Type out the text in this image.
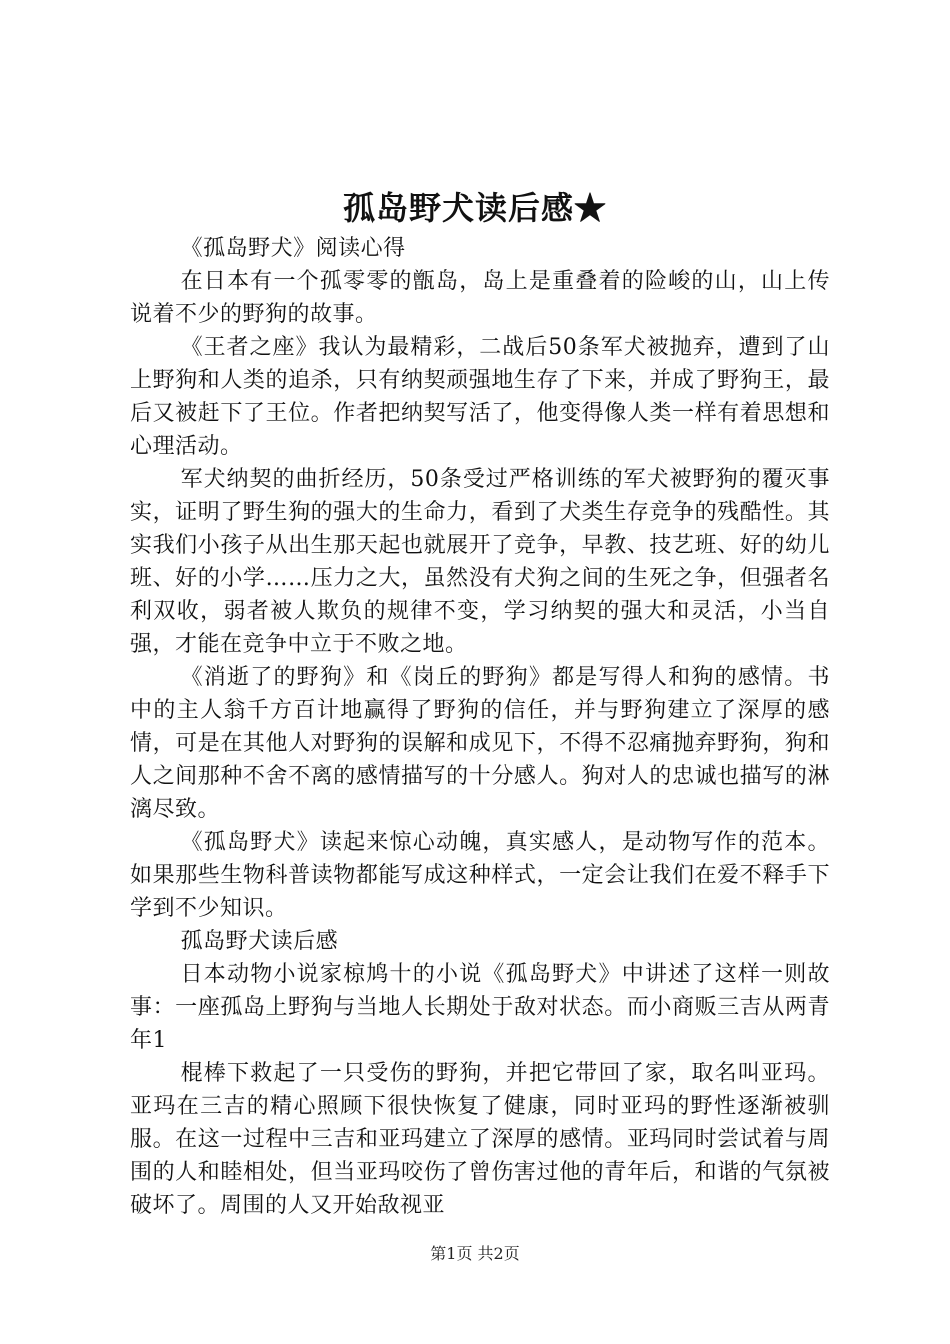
孤岛野犬读后感★

《孤岛野犬》阅读心得

在日本有一个孤零零的甑岛，岛上是重叠着的险峻的山，山上传说着不少的野狗的故事。

《王者之座》我认为最精彩，二战后50条军犬被抛弃，遭到了山上野狗和人类的追杀，只有纳契顽强地生存了下来，并成了野狗王，最后又被赶下了王位。作者把纳契写活了，他变得像人类一样有着思想和心理活动。

军犬纳契的曲折经历，50条受过严格训练的军犬被野狗的覆灭事实，证明了野生狗的强大的生命力，看到了犬类生存竞争的残酷性。其实我们小孩子从出生那天起也就展开了竞争，早教、技艺班、好的幼儿班、好的小学……压力之大，虽然没有犬狗之间的生死之争，但强者名利双收，弱者被人欺负的规律不变，学习纳契的强大和灵活，小当自强，才能在竞争中立于不败之地。

《消逝了的野狗》和《岗丘的野狗》都是写得人和狗的感情。书中的主人翁千方百计地赢得了野狗的信任，并与野狗建立了深厚的感情，可是在其他人对野狗的误解和成见下，不得不忍痛抛弃野狗，狗和人之间那种不舍不离的感情描写的十分感人。狗对人的忠诚也描写的淋漓尽致。

《孤岛野犬》读起来惊心动魄，真实感人，是动物写作的范本。如果那些生物科普读物都能写成这种样式，一定会让我们在爱不释手下学到不少知识。

孤岛野犬读后感

日本动物小说家椋鸠十的小说《孤岛野犬》中讲述了这样一则故事：一座孤岛上野狗与当地人长期处于敌对状态。而小商贩三吉从两青年1

棍棒下救起了一只受伤的野狗，并把它带回了家，取名叫亚玛。亚玛在三吉的精心照顾下很快恢复了健康，同时亚玛的野性逐渐被驯服。在这一过程中三吉和亚玛建立了深厚的感情。亚玛同时尝试着与周围的人和睦相处，但当亚玛咬伤了曾伤害过他的青年后，和谐的气氛被破坏了。周围的人又开始敌视亚

第1页 共2页
